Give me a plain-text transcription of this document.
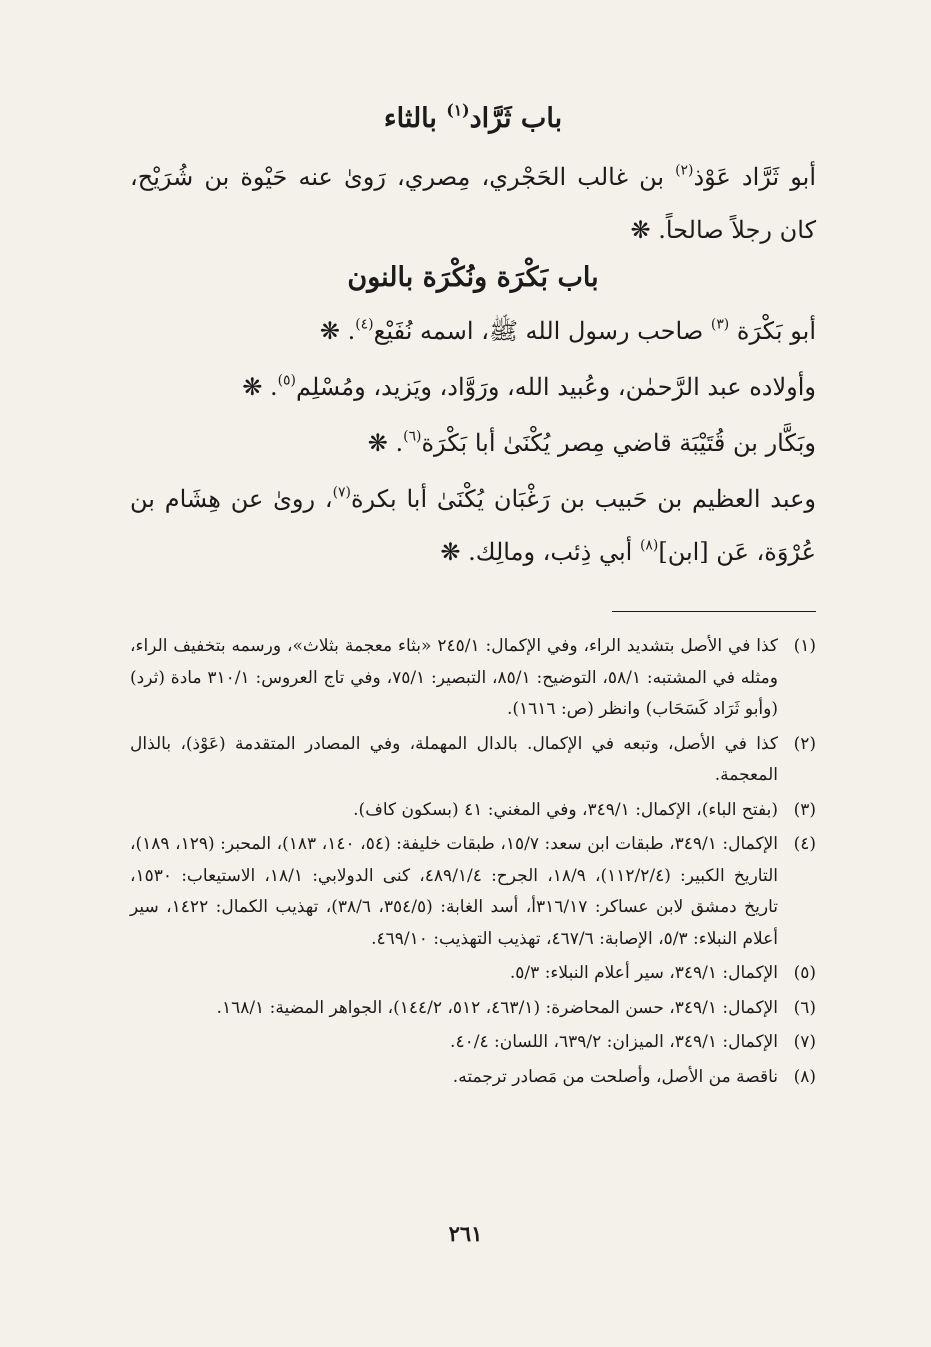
باب ثَرَّاد$^{(١)}$ بالثاء

أبو ثَرَّاد عَوْذ$^{(٢)}$ بن غالب الحَجْري، مِصري، رَوىٰ عنه حَيْوة بن شُرَيْح، كان رجلاً صالحاً. ❋

باب بَكْرَة ونُكْرَة بالنون

أبو بَكْرَة $^{(٣)}$ صاحب رسول الله ﷺ، اسمه نُفَيْع$^{(٤)}$. ❋

وأولاده عبد الرَّحمٰن، وعُبيد الله، ورَوَّاد، ويَزيد، ومُسْلِم$^{(٥)}$. ❋

وبَكَّار بن قُتَيْبَة قاضي مِصر يُكْنَىٰ أبا بَكْرَة$^{(٦)}$. ❋

وعبد العظيم بن حَبيب بن رَغْبَان يُكْنَىٰ أبا بكرة$^{(٧)}$، روىٰ عن هِشَام بن عُرْوَة، عَن [ابن]$^{(٨)}$ أبي ذِئب، ومالِك. ❋

(١)
كذا في الأصل بتشديد الراء، وفي الإكمال: ٢٤٥/١ «بثاء معجمة بثلاث»، ورسمه بتخفيف الراء، ومثله في المشتبه: ٥٨/١، التوضيح: ٨٥/١، التبصير: ٧٥/١، وفي تاج العروس: ٣١٠/١ مادة (ثرد) (وأبو ثَرَاد كَسَحَاب) وانظر (ص: ١٦١٦).
(٢)
كذا في الأصل، وتبعه في الإكمال. بالدال المهملة، وفي المصادر المتقدمة (عَوْذ)، بالذال المعجمة.
(٣)
(بفتح الباء)، الإكمال: ٣٤٩/١، وفي المغني: ٤١ (بسكون كاف).
(٤)
الإكمال: ٣٤٩/١، طبقات ابن سعد: ١٥/٧، طبقات خليفة: (٥٤، ١٤٠، ١٨٣)، المحبر: (١٢٩، ١٨٩)، التاريخ الكبير: (١١٢/٢/٤)، ١٨/٩، الجرح: ٤٨٩/١/٤، كنى الدولابي: ١٨/١، الاستيعاب: ١٥٣٠، تاريخ دمشق لابن عساكر: ٣١٦/١٧أ، أسد الغابة: (٣٥٤/٥، ٣٨/٦)، تهذيب الكمال: ١٤٢٢، سير أعلام النبلاء: ٥/٣، الإصابة: ٤٦٧/٦، تهذيب التهذيب: ٤٦٩/١٠.
(٥)
الإكمال: ٣٤٩/١، سير أعلام النبلاء: ٥/٣.
(٦)
الإكمال: ٣٤٩/١، حسن المحاضرة: (٤٦٣/١، ٥١٢، ١٤٤/٢)، الجواهر المضية: ١٦٨/١.
(٧)
الإكمال: ٣٤٩/١، الميزان: ٦٣٩/٢، اللسان: ٤٠/٤.
(٨)
ناقصة من الأصل، وأصلحت من مَصادر ترجمته.
٢٦١
